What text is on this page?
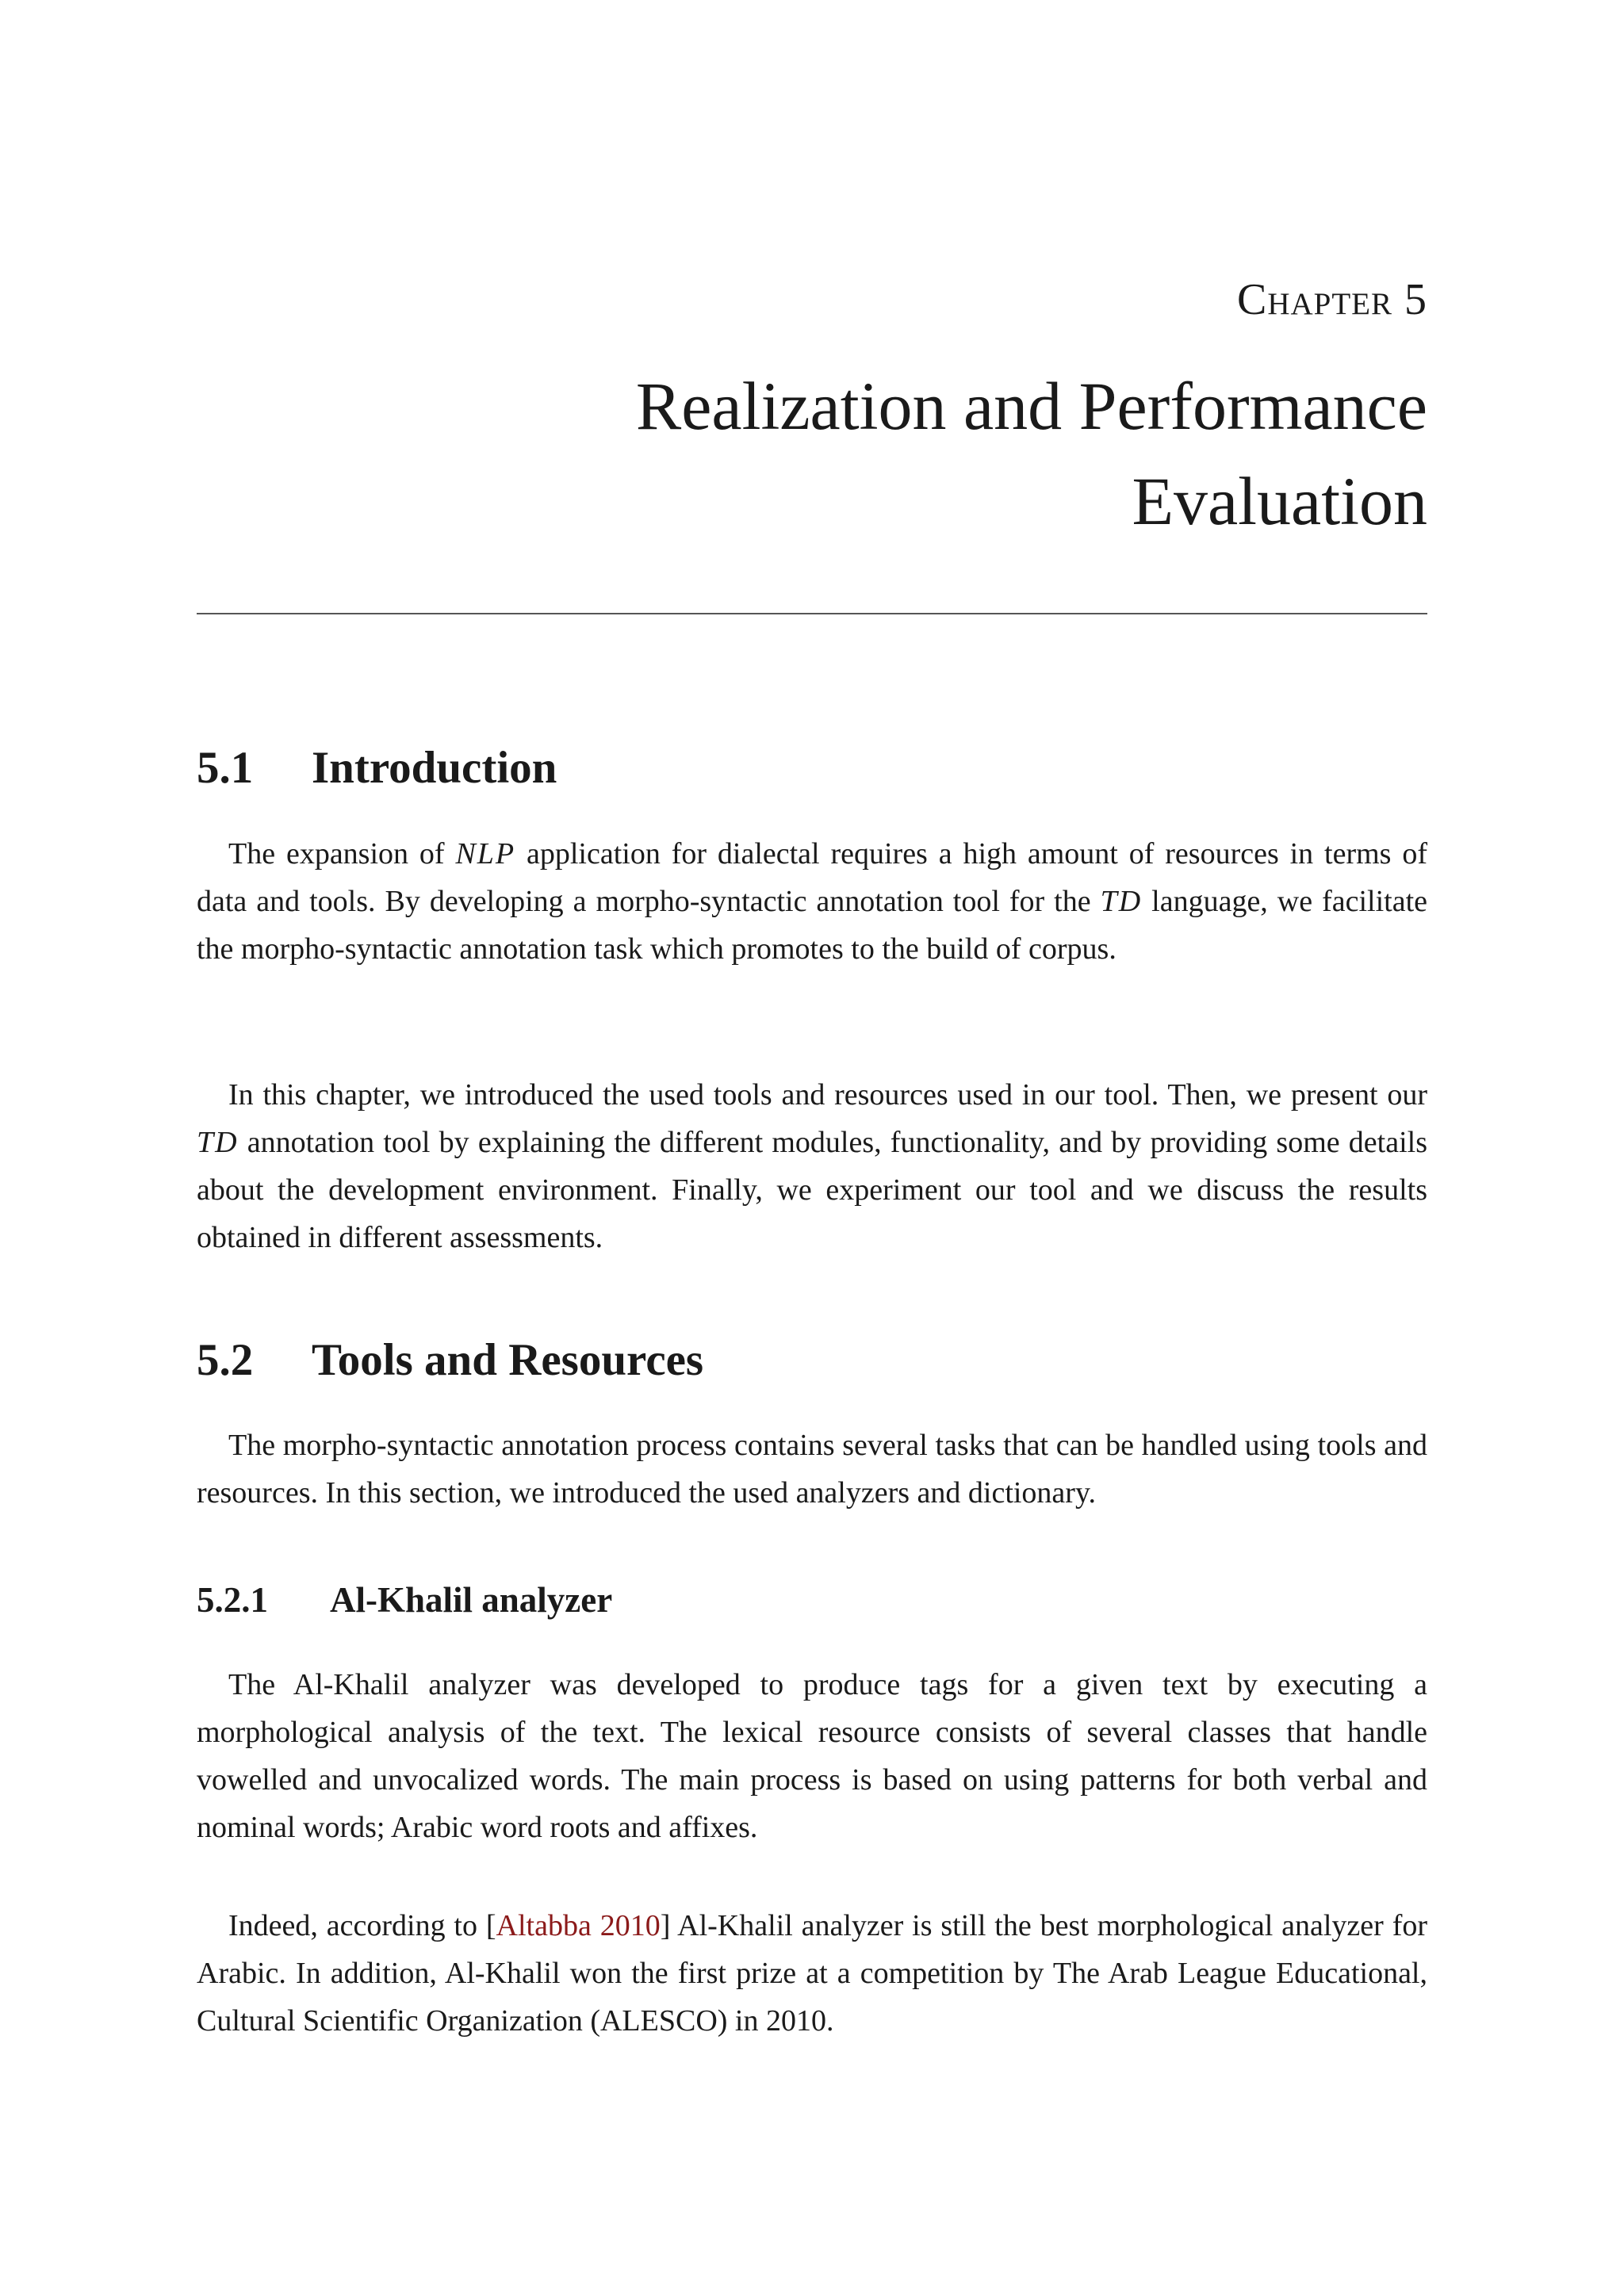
Chapter 5
Realization and Performance
Evaluation
5.1 Introduction

The expansion of NLP application for dialectal requires a high amount of resources in terms of data and tools. By developing a morpho-syntactic annotation tool for the TD language, we facilitate the morpho-syntactic annotation task which promotes to the build of corpus.

In this chapter, we introduced the used tools and resources used in our tool. Then, we present our TD annotation tool by explaining the different modules, functionality, and by providing some details about the development environment. Finally, we experiment our tool and we discuss the results obtained in different assessments.

5.2 Tools and Resources

The morpho-syntactic annotation process contains several tasks that can be handled using tools and resources. In this section, we introduced the used analyzers and dictionary.

5.2.1 Al-Khalil analyzer

The Al-Khalil analyzer was developed to produce tags for a given text by executing a morphological analysis of the text. The lexical resource consists of several classes that handle vowelled and unvocalized words. The main process is based on using patterns for both verbal and nominal words; Arabic word roots and affixes.

Indeed, according to [Altabba 2010] Al-Khalil analyzer is still the best morphological analyzer for Arabic. In addition, Al-Khalil won the first prize at a competition by The Arab League Educational, Cultural Scientific Organization (ALESCO) in 2010.
